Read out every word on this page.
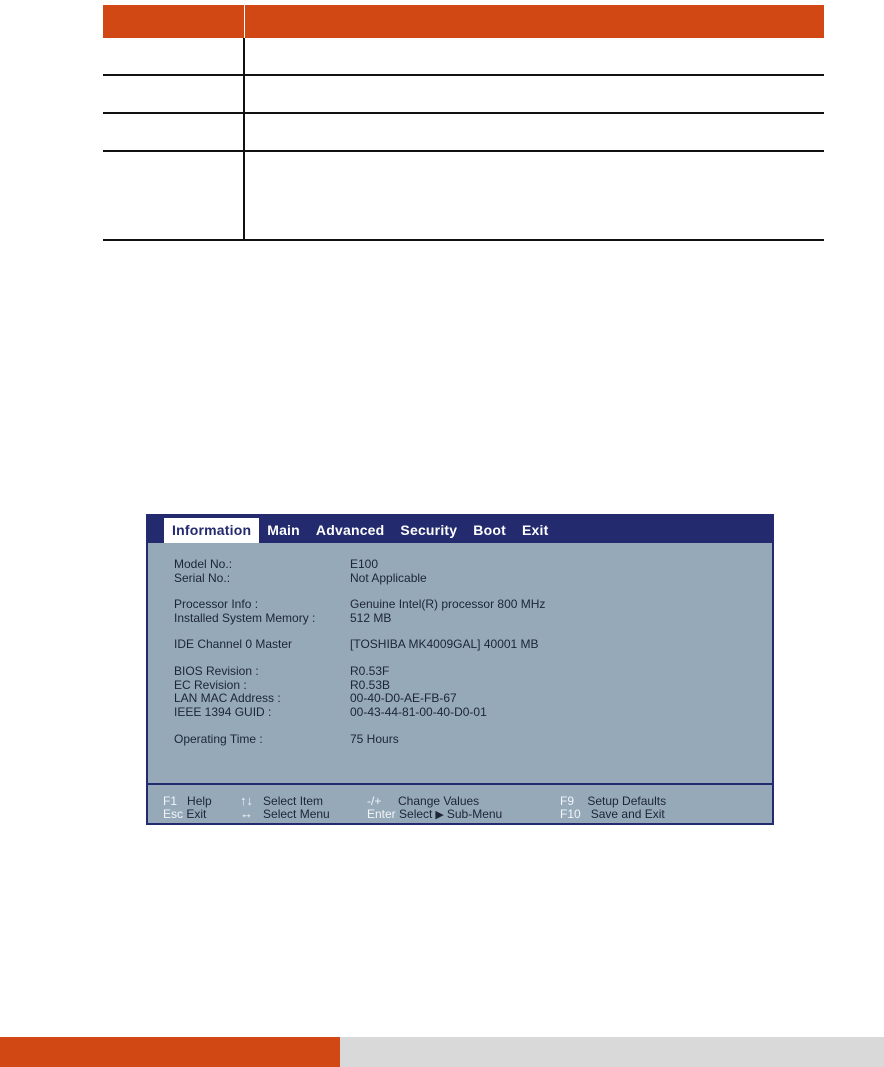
Information	Main	Advanced	Security	Boot	Exit
Model No.:	E100
Serial No.:	Not Applicable
Processor Info :	Genuine Intel(R) processor 800 MHz
Installed System Memory :	512 MB
IDE Channel 0 Master	[TOSHIBA MK4009GAL] 40001 MB
BIOS Revision :	R0.53F
EC Revision :	R0.53B
LAN MAC Address :	00-40-D0-AE-FB-67
IEEE 1394 GUID :	00-43-44-81-00-40-D0-01
Operating Time :	75 Hours
F1 Help
Esc Exit
↑↓ Select Item
↔ Select Menu
-/+ Change Values
Enter Select ▶ Sub-Menu
F9 Setup Defaults
F10 Save and Exit
